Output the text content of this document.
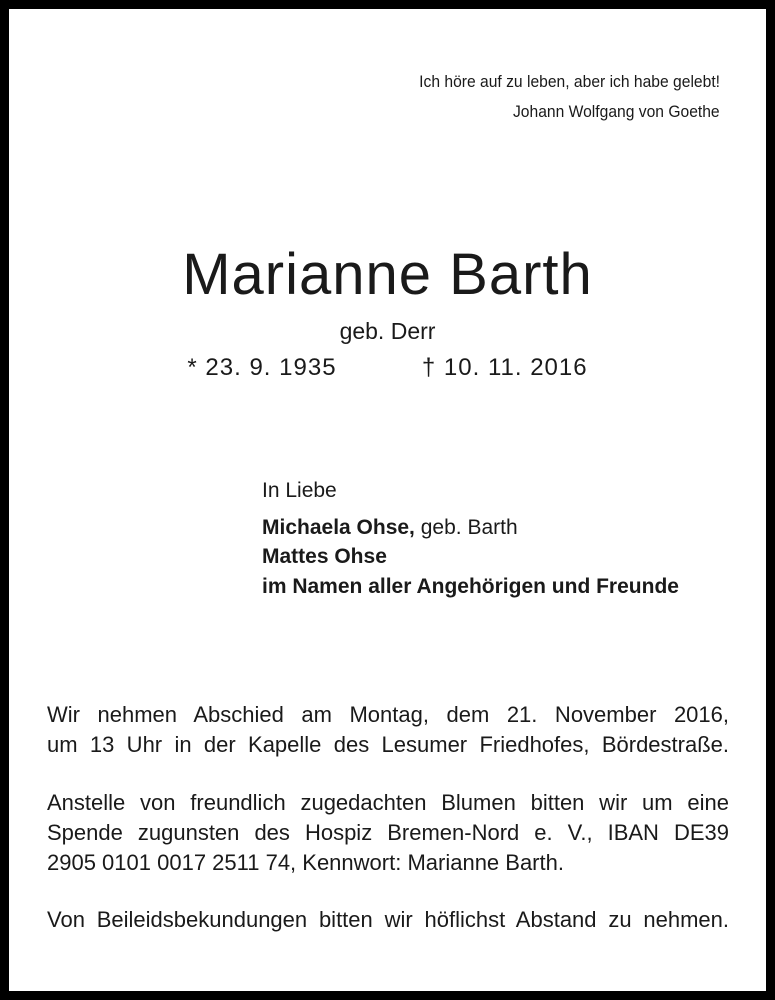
Ich höre auf zu leben, aber ich habe gelebt!
Johann Wolfgang von Goethe
Marianne Barth
geb. Derr
* 23. 9. 1935	† 10. 11. 2016
In Liebe
Michaela Ohse, geb. Barth
Mattes Ohse
im Namen aller Angehörigen und Freunde
Wir nehmen Abschied am Montag, dem 21. November 2016,
um 13 Uhr in der Kapelle des Lesumer Friedhofes, Bördestraße.
Anstelle von freundlich zugedachten Blumen bitten wir um eine
Spende zugunsten des Hospiz Bremen-Nord e. V., IBAN DE39
2905 0101 0017 2511 74, Kennwort: Marianne Barth.
Von Beileidsbekundungen bitten wir höflichst Abstand zu nehmen.
